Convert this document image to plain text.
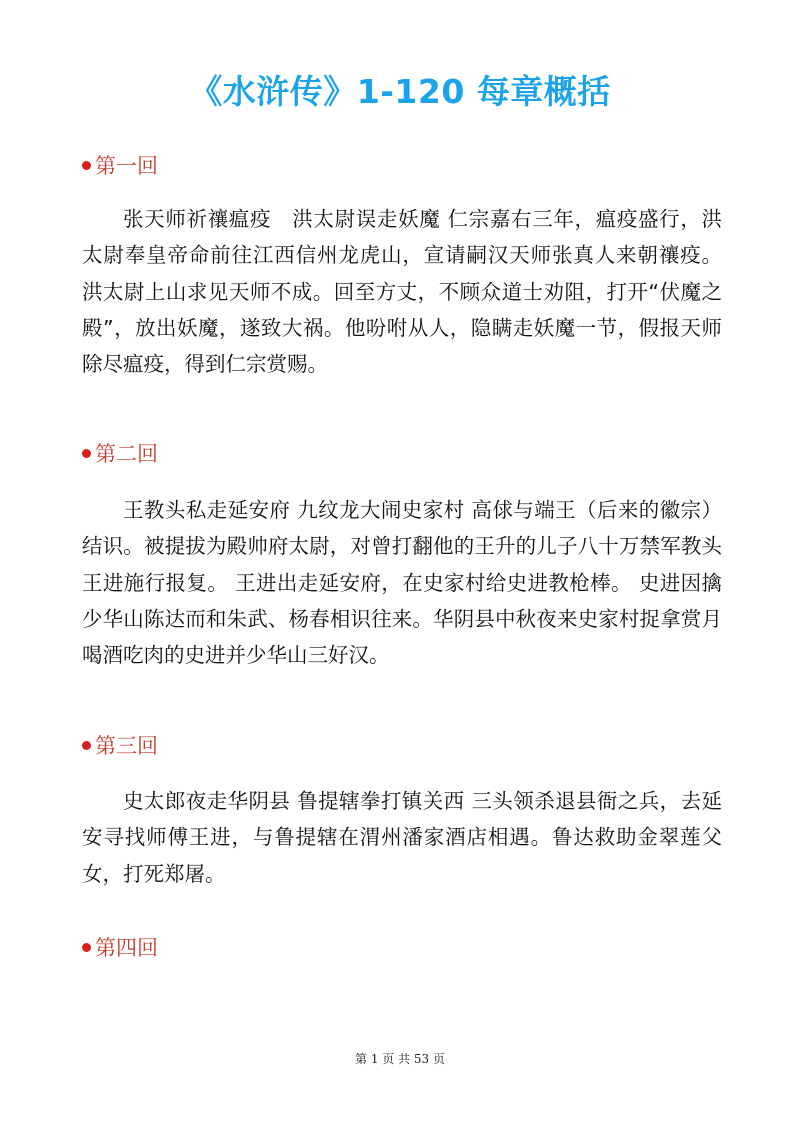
《水浒传》1-120 每章概括
第一回

张天师祈禳瘟疫　洪太尉误走妖魔 仁宗嘉右三年，瘟疫盛行，洪太尉奉皇帝命前往江西信州龙虎山，宣请嗣汉天师张真人来朝禳疫。 洪太尉上山求见天师不成。回至方丈，不顾众道士劝阻，打开“伏魔之殿”，放出妖魔，遂致大祸。他吩咐从人，隐瞒走妖魔一节，假报天师除尽瘟疫，得到仁宗赏赐。

第二回

王教头私走延安府 九纹龙大闹史家村 高俅与端王（后来的徽宗）结识。被提拔为殿帅府太尉，对曾打翻他的王升的儿子八十万禁军教头王进施行报复。 王进出走延安府，在史家村给史进教枪棒。 史进因擒少华山陈达而和朱武、杨春相识往来。华阴县中秋夜来史家村捉拿赏月喝酒吃肉的史进并少华山三好汉。

第三回

史太郎夜走华阴县 鲁提辖拳打镇关西 三头领杀退县衙之兵，去延安寻找师傅王进，与鲁提辖在渭州潘家酒店相遇。鲁达救助金翠莲父女，打死郑屠。

第四回
第 1 页 共 53 页
